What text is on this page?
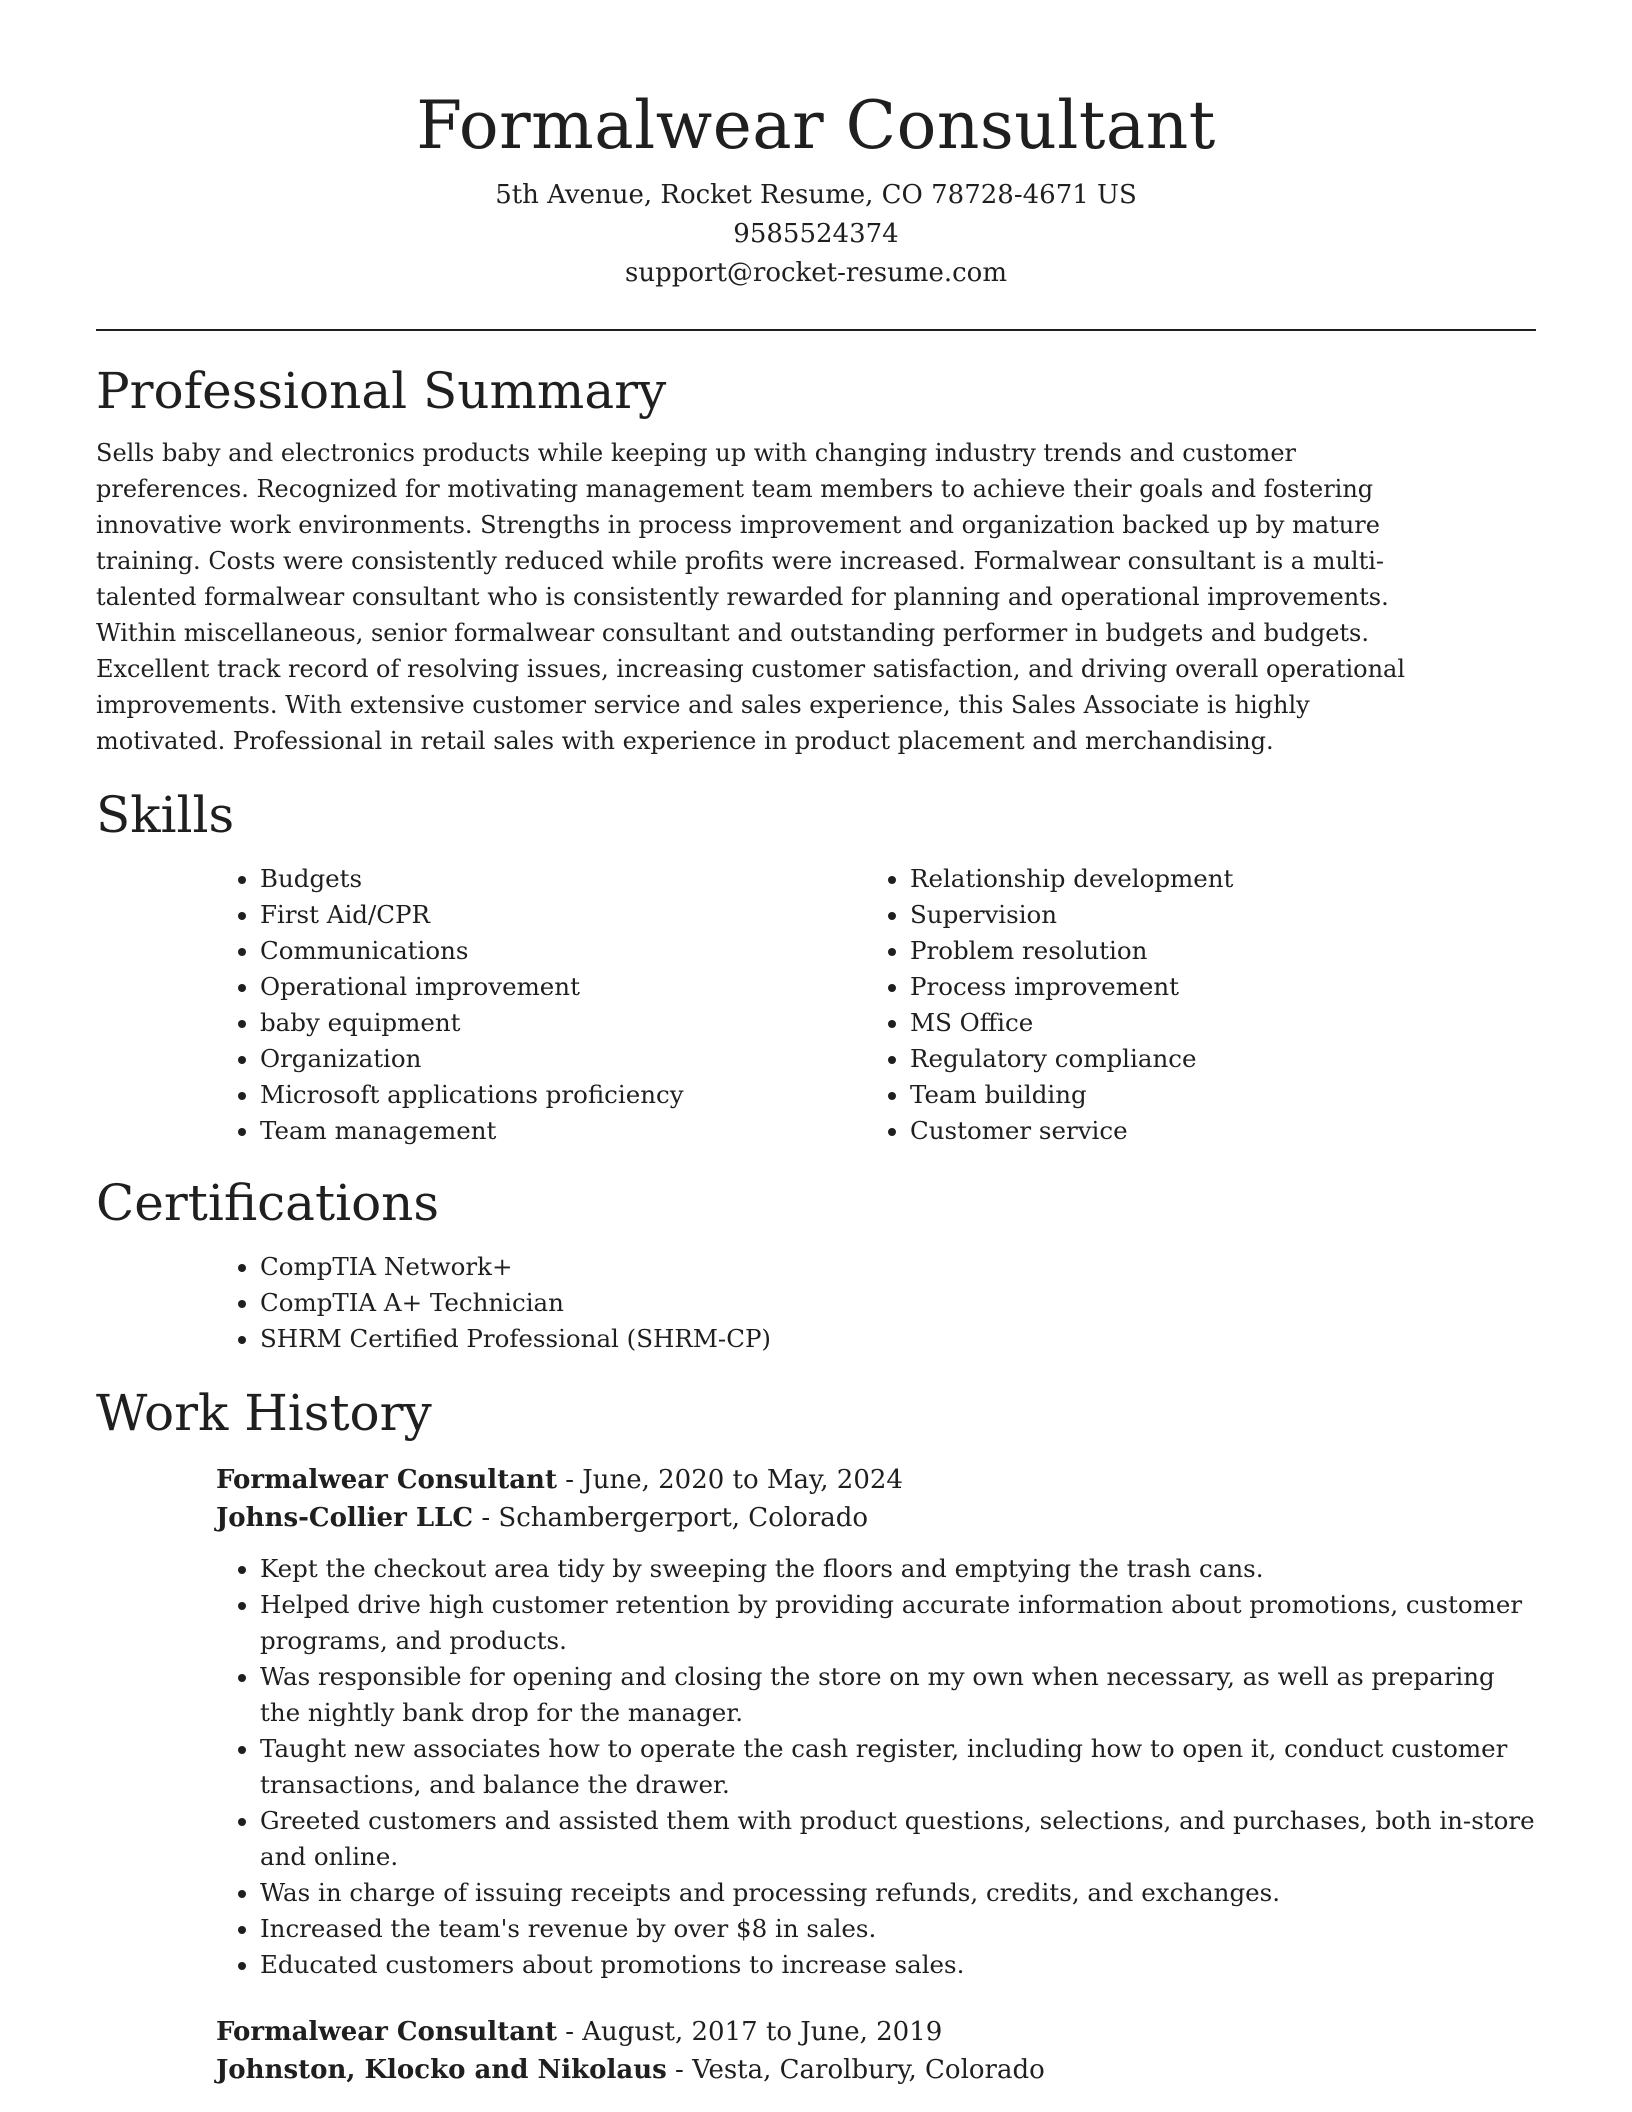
Formalwear Consultant
5th Avenue, Rocket Resume, CO 78728-4671 US
9585524374
support@rocket-resume.com
Professional Summary

Sells baby and electronics products while keeping up with changing industry trends and customer preferences. Recognized for motivating management team members to achieve their goals and fostering innovative work environments. Strengths in process improvement and organization backed up by mature training. Costs were consistently reduced while profits were increased. Formalwear consultant is a multi-talented formalwear consultant who is consistently rewarded for planning and operational improvements. Within miscellaneous, senior formalwear consultant and outstanding performer in budgets and budgets. Excellent track record of resolving issues, increasing customer satisfaction, and driving overall operational improvements. With extensive customer service and sales experience, this Sales Associate is highly motivated. Professional in retail sales with experience in product placement and merchandising.

Skills
• Budgets
• First Aid/CPR
• Communications
• Operational improvement
• baby equipment
• Organization
• Microsoft applications proficiency
• Team management
• Relationship development
• Supervision
• Problem resolution
• Process improvement
• MS Office
• Regulatory compliance
• Team building
• Customer service
Certifications
• CompTIA Network+
• CompTIA A+ Technician
• SHRM Certified Professional (SHRM-CP)
Work History
Formalwear Consultant - June, 2020 to May, 2024
Johns-Collier LLC - Schambergerport, Colorado
• Kept the checkout area tidy by sweeping the floors and emptying the trash cans.
• Helped drive high customer retention by providing accurate information about promotions, customer programs, and products.
• Was responsible for opening and closing the store on my own when necessary, as well as preparing the nightly bank drop for the manager.
• Taught new associates how to operate the cash register, including how to open it, conduct customer transactions, and balance the drawer.
• Greeted customers and assisted them with product questions, selections, and purchases, both in-store and online.
• Was in charge of issuing receipts and processing refunds, credits, and exchanges.
• Increased the team's revenue by over $8 in sales.
• Educated customers about promotions to increase sales.
Formalwear Consultant - August, 2017 to June, 2019
Johnston, Klocko and Nikolaus - Vesta, Carolbury, Colorado
